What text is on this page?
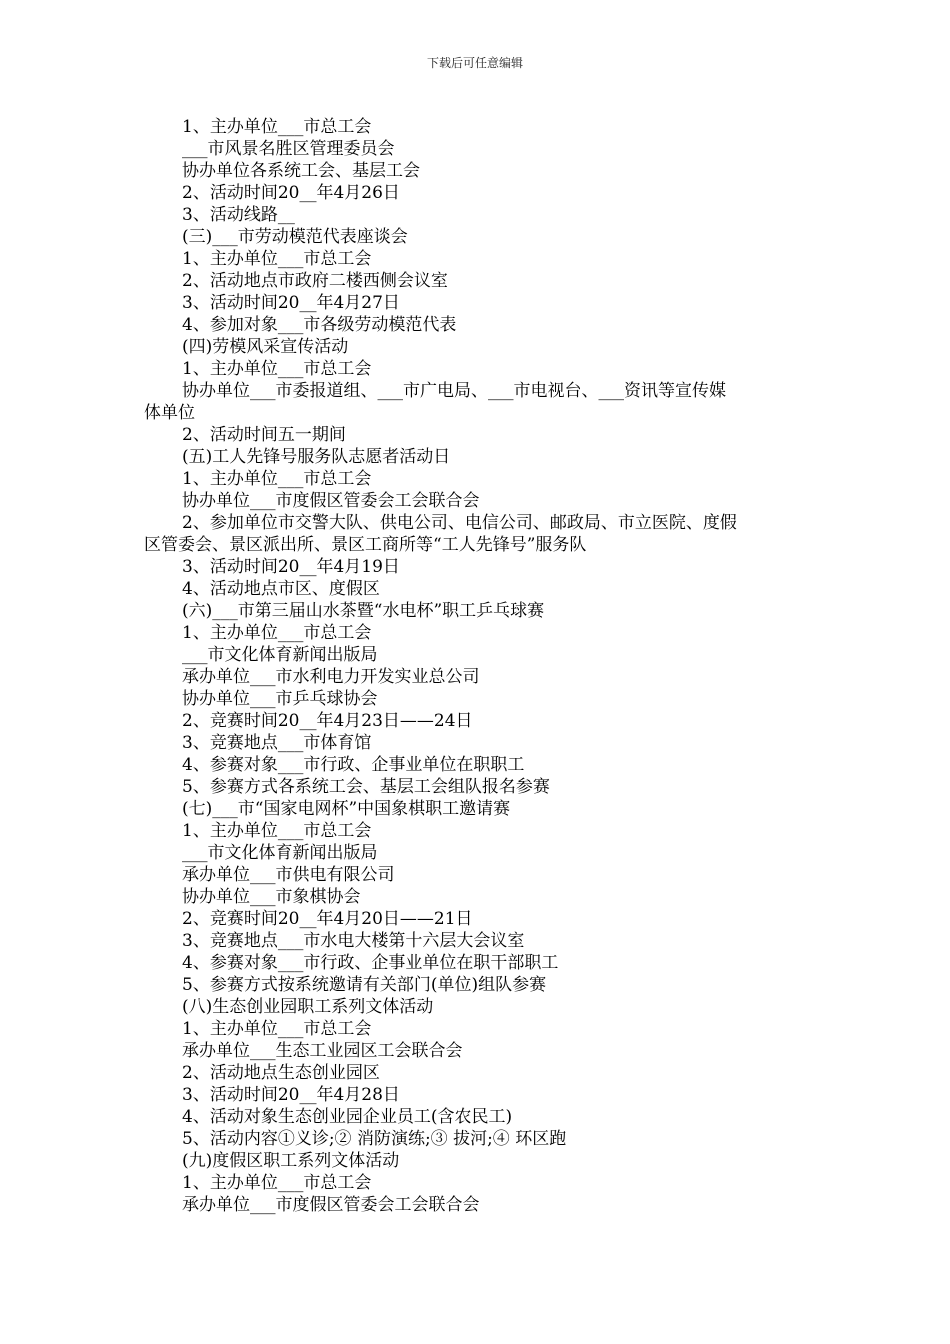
下载后可任意编辑

1、主办单位___市总工会

___市风景名胜区管理委员会

协办单位各系统工会、基层工会

2、活动时间20__年4月26日

3、活动线路__

(三)___市劳动模范代表座谈会

1、主办单位___市总工会

2、活动地点市政府二楼西侧会议室

3、活动时间20__年4月27日

4、参加对象___市各级劳动模范代表

(四)劳模风采宣传活动

1、主办单位___市总工会

协办单位___市委报道组、___市广电局、___市电视台、___资讯等宣传媒

体单位

2、活动时间五一期间

(五)工人先锋号服务队志愿者活动日

1、主办单位___市总工会

协办单位___市度假区管委会工会联合会

2、参加单位市交警大队、供电公司、电信公司、邮政局、市立医院、度假

区管委会、景区派出所、景区工商所等“工人先锋号”服务队

3、活动时间20__年4月19日

4、活动地点市区、度假区

(六)___市第三届山水茶暨“水电杯”职工乒乓球赛

1、主办单位___市总工会

___市文化体育新闻出版局

承办单位___市水利电力开发实业总公司

协办单位___市乒乓球协会

2、竞赛时间20__年4月23日——24日

3、竞赛地点___市体育馆

4、参赛对象___市行政、企事业单位在职职工

5、参赛方式各系统工会、基层工会组队报名参赛

(七)___市“国家电网杯”中国象棋职工邀请赛

1、主办单位___市总工会

___市文化体育新闻出版局

承办单位___市供电有限公司

协办单位___市象棋协会

2、竞赛时间20__年4月20日——21日

3、竞赛地点___市水电大楼第十六层大会议室

4、参赛对象___市行政、企事业单位在职干部职工

5、参赛方式按系统邀请有关部门(单位)组队参赛

(八)生态创业园职工系列文体活动

1、主办单位___市总工会

承办单位___生态工业园区工会联合会

2、活动地点生态创业园区

3、活动时间20__年4月28日

4、活动对象生态创业园企业员工(含农民工)

5、活动内容①义诊;② 消防演练;③ 拔河;④ 环区跑

(九)度假区职工系列文体活动

1、主办单位___市总工会

承办单位___市度假区管委会工会联合会
